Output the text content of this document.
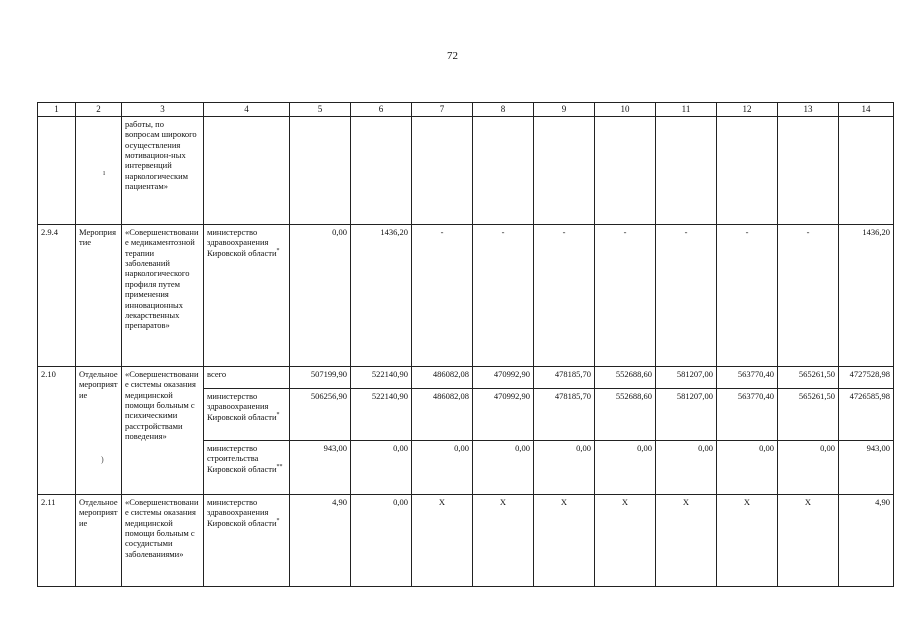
72
1	2	3	4	5	6	7	8	9	10	11	12	13	14
		работы, по вопросам широкого осуществления мотивацион-ных интервенций наркологическим пациентам»											
2.9.4	Мероприятие	«Совершенствование медикаментозной терапии заболеваний наркологического профиля путем применения инновационных лекарственных препаратов»	министерство здравоохранения Кировской области*	0,00	1436,20	-	-	-	-	-	-	-	1436,20
2.10	Отдельное мероприятие	«Совершенствование системы оказания медицинской помощи больным с психическими расстройствами поведения»	всего	507199,90	522140,90	486082,08	470992,90	478185,70	552688,60	581207,00	563770,40	565261,50	4727528,98
			министерство здравоохранения Кировской области*	506256,90	522140,90	486082,08	470992,90	478185,70	552688,60	581207,00	563770,40	565261,50	4726585,98
			министерство строительства Кировской области**	943,00	0,00	0,00	0,00	0,00	0,00	0,00	0,00	0,00	943,00
2.11	Отдельное мероприятие	«Совершенствование системы оказания медицинской помощи больным с сосудистыми заболеваниями»	министерство здравоохранения Кировской области*	4,90	0,00	X	X	X	X	X	X	X	4,90
ı
)
